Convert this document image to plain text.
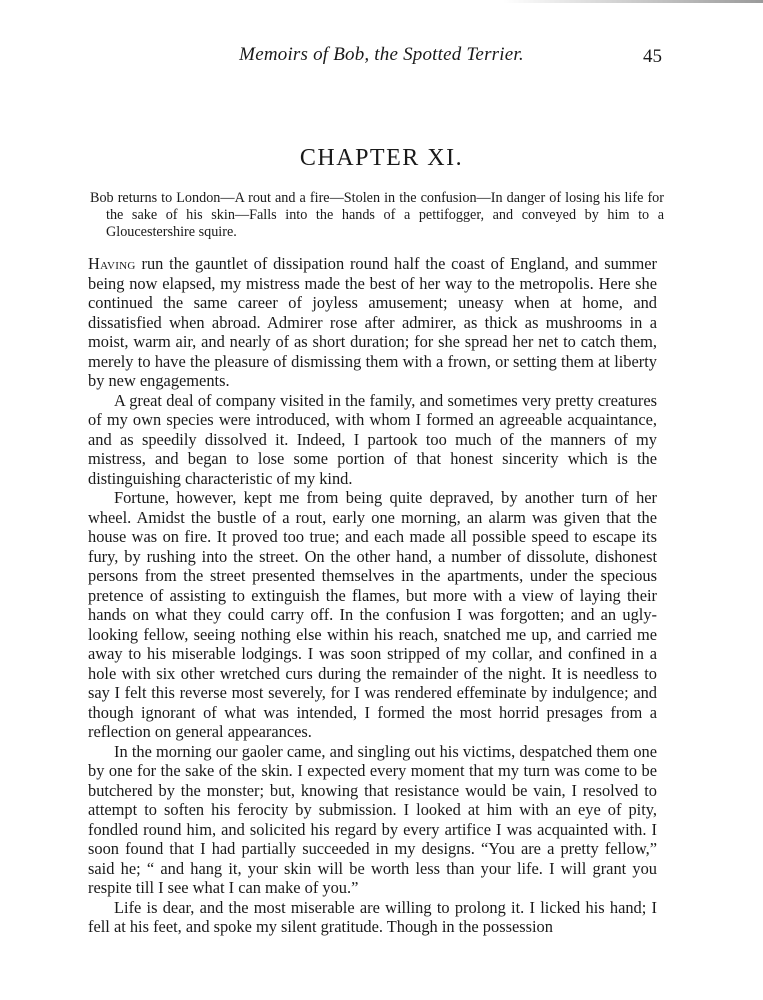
Memoirs of Bob, the Spotted Terrier.	45
CHAPTER XI.
Bob returns to London—A rout and a fire—Stolen in the confusion—In danger of losing his life for the sake of his skin—Falls into the hands of a pettifogger, and conveyed by him to a Gloucestershire squire.

Having run the gauntlet of dissipation round half the coast of England, and summer being now elapsed, my mistress made the best of her way to the metropolis. Here she continued the same career of joyless amusement; uneasy when at home, and dissatisfied when abroad. Admirer rose after admirer, as thick as mushrooms in a moist, warm air, and nearly of as short duration; for she spread her net to catch them, merely to have the pleasure of dismissing them with a frown, or setting them at liberty by new engagements.

A great deal of company visited in the family, and sometimes very pretty creatures of my own species were introduced, with whom I formed an agreeable acquaintance, and as speedily dissolved it. Indeed, I partook too much of the manners of my mistress, and began to lose some portion of that honest sincerity which is the distinguishing characteristic of my kind.

Fortune, however, kept me from being quite depraved, by another turn of her wheel. Amidst the bustle of a rout, early one morning, an alarm was given that the house was on fire. It proved too true; and each made all possible speed to escape its fury, by rushing into the street. On the other hand, a number of dissolute, dishonest persons from the street presented themselves in the apartments, under the specious pretence of assisting to extinguish the flames, but more with a view of laying their hands on what they could carry off. In the confusion I was forgotten; and an ugly-looking fellow, seeing nothing else within his reach, snatched me up, and carried me away to his miserable lodgings. I was soon stripped of my collar, and confined in a hole with six other wretched curs during the remainder of the night. It is needless to say I felt this reverse most severely, for I was rendered effeminate by indulgence; and though ignorant of what was intended, I formed the most horrid presages from a reflection on general appearances.

In the morning our gaoler came, and singling out his victims, despatched them one by one for the sake of the skin. I expected every moment that my turn was come to be butchered by the monster; but, knowing that resistance would be vain, I resolved to attempt to soften his ferocity by submission. I looked at him with an eye of pity, fondled round him, and solicited his regard by every artifice I was acquainted with. I soon found that I had partially succeeded in my designs. “You are a pretty fellow,” said he; “ and hang it, your skin will be worth less than your life. I will grant you respite till I see what I can make of you.”

Life is dear, and the most miserable are willing to prolong it. I licked his hand; I fell at his feet, and spoke my silent gratitude. Though in the possession
